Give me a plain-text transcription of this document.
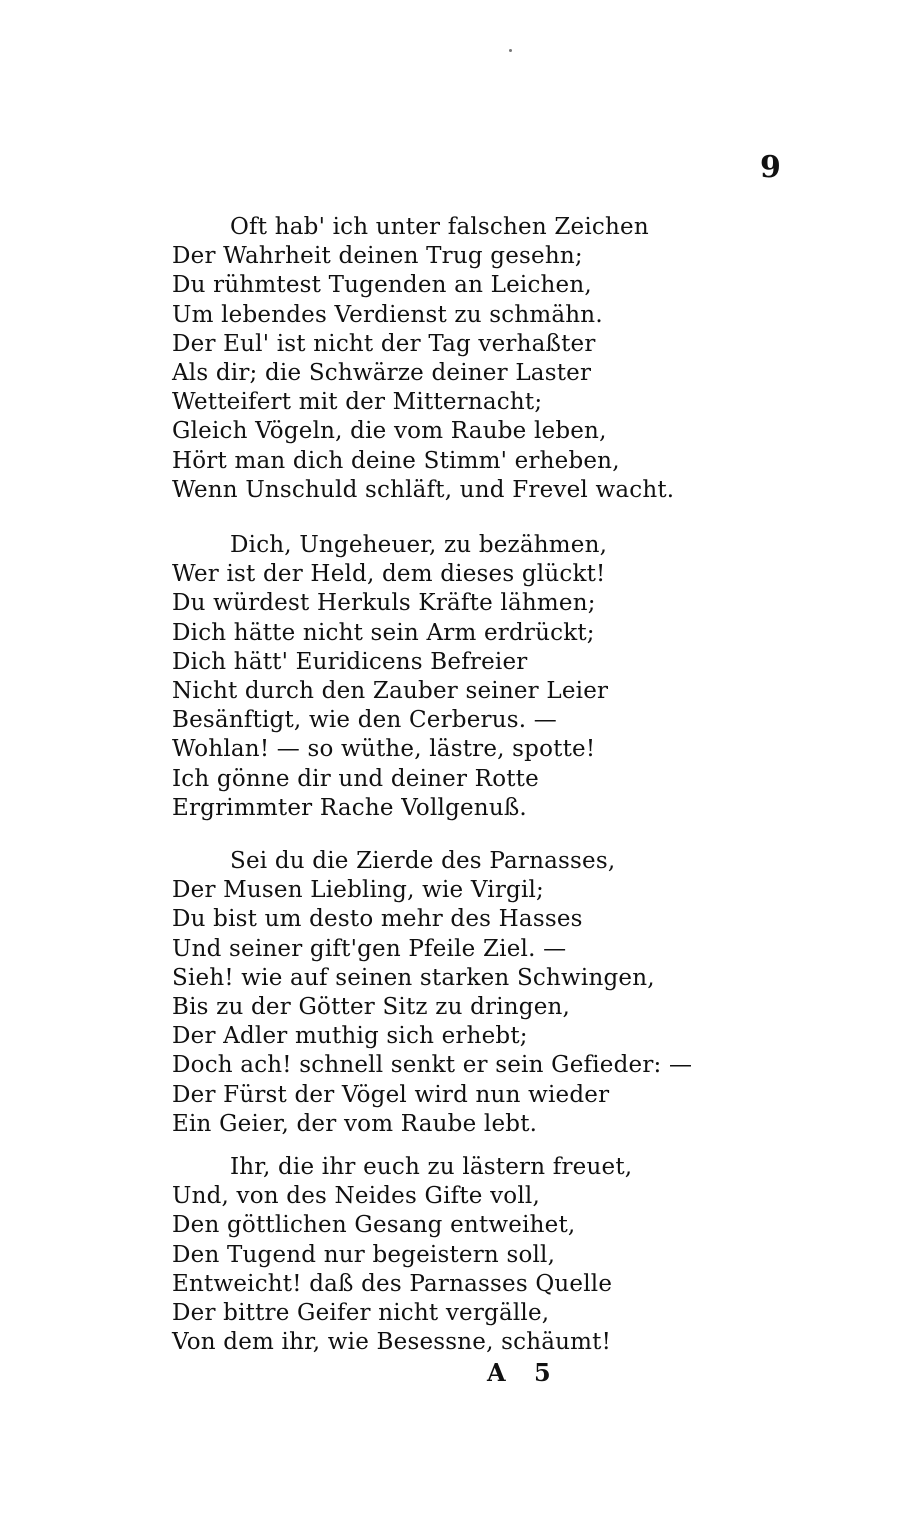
9
Oft hab' ich unter falschen Zeichen
Der Wahrheit deinen Trug gesehn;
Du rühmtest Tugenden an Leichen,
Um lebendes Verdienst zu schmähn.
Der Eul' ist nicht der Tag verhaßter
Als dir; die Schwärze deiner Laster
Wetteifert mit der Mitternacht;
Gleich Vögeln, die vom Raube leben,
Hört man dich deine Stimm' erheben,
Wenn Unschuld schläft, und Frevel wacht.
Dich, Ungeheuer, zu bezähmen,
Wer ist der Held, dem dieses glückt!
Du würdest Herkuls Kräfte lähmen;
Dich hätte nicht sein Arm erdrückt;
Dich hätt' Euridicens Befreier
Nicht durch den Zauber seiner Leier
Besänftigt, wie den Cerberus. —
Wohlan! — so wüthe, lästre, spotte!
Ich gönne dir und deiner Rotte
Ergrimmter Rache Vollgenuß.
Sei du die Zierde des Parnasses,
Der Musen Liebling, wie Virgil;
Du bist um desto mehr des Hasses
Und seiner gift'gen Pfeile Ziel. —
Sieh! wie auf seinen starken Schwingen,
Bis zu der Götter Sitz zu dringen,
Der Adler muthig sich erhebt;
Doch ach! schnell senkt er sein Gefieder: —
Der Fürst der Vögel wird nun wieder
Ein Geier, der vom Raube lebt.
Ihr, die ihr euch zu lästern freuet,
Und, von des Neides Gifte voll,
Den göttlichen Gesang entweihet,
Den Tugend nur begeistern soll,
Entweicht! daß des Parnasses Quelle
Der bittre Geifer nicht vergälle,
Von dem ihr, wie Besessne, schäumt!
A 5
